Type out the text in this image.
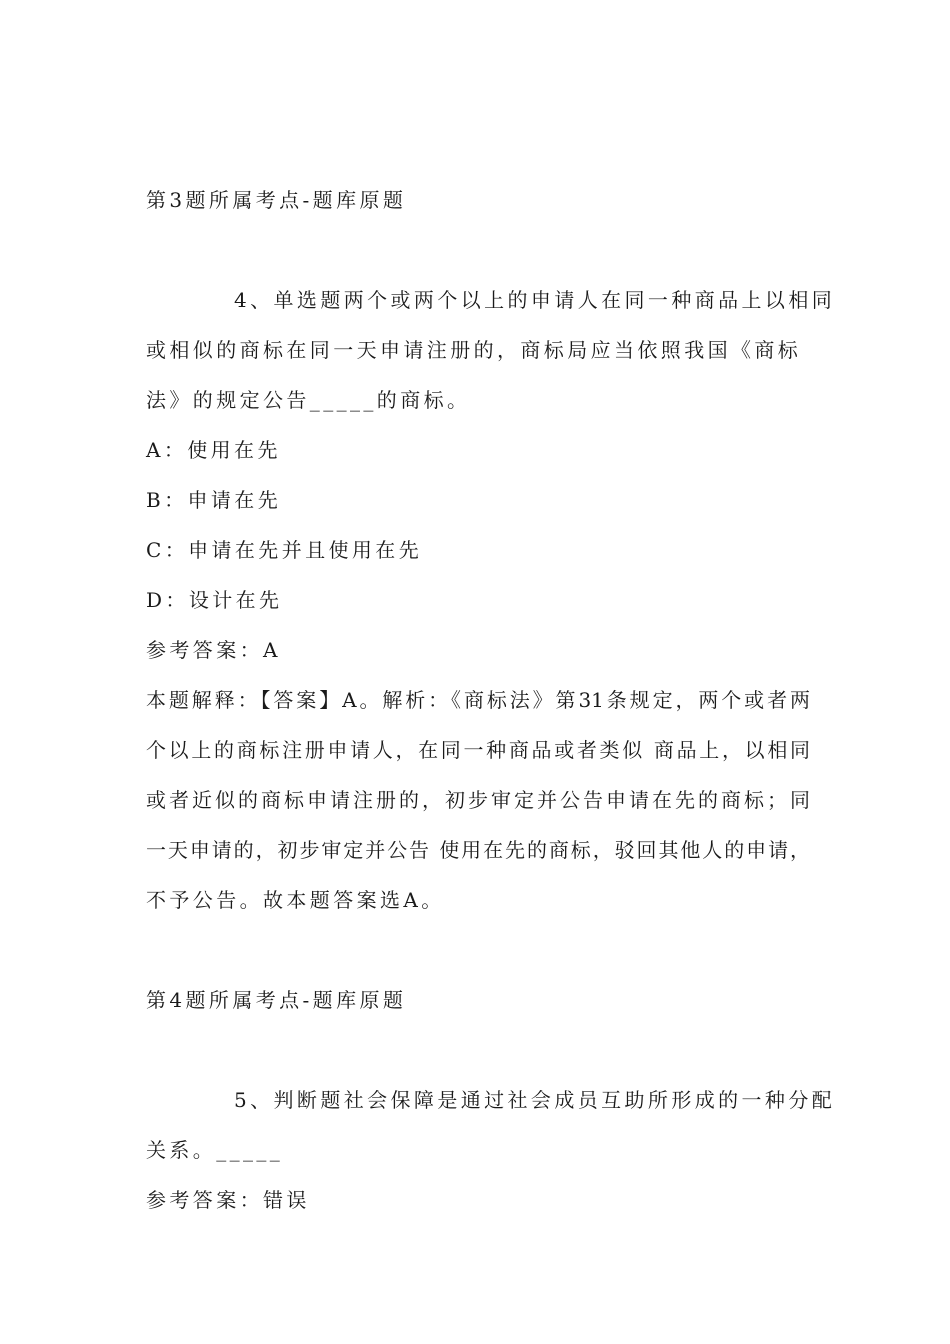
第3题所属考点-题库原题

4、单选题两个或两个以上的申请人在同一种商品上以相同

或相似的商标在同一天申请注册的，商标局应当依照我国《商标

法》的规定公告_____的商标。

A：使用在先

B：申请在先

C：申请在先并且使用在先

D：设计在先

参考答案：A

本题解释：【答案】A。解析：《商标法》第31条规定，两个或者两

个以上的商标注册申请人，在同一种商品或者类似 商品上，以相同

或者近似的商标申请注册的，初步审定并公告申请在先的商标；同

一天申请的，初步审定并公告 使用在先的商标，驳回其他人的申请，

不予公告。故本题答案选A。

第4题所属考点-题库原题

5、判断题社会保障是通过社会成员互助所形成的一种分配

关系。_____

参考答案：错误
